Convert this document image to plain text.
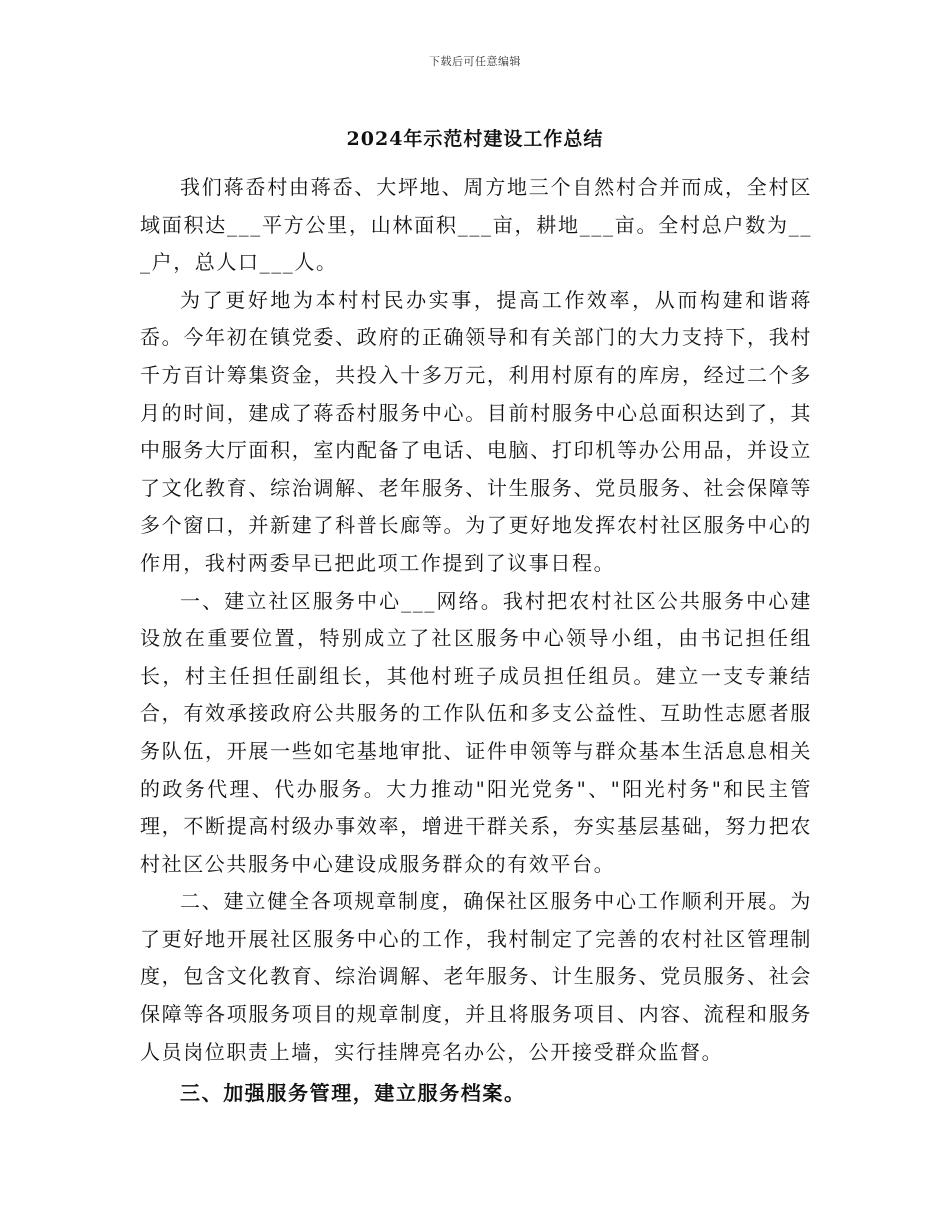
下载后可任意编辑
2024年示范村建设工作总结

我们蒋岙村由蒋岙、大坪地、周方地三个自然村合并而成，全村区域面积达___平方公里，山林面积___亩，耕地___亩。全村总户数为___户，总人口___人。

为了更好地为本村村民办实事，提高工作效率，从而构建和谐蒋岙。今年初在镇党委、政府的正确领导和有关部门的大力支持下，我村千方百计筹集资金，共投入十多万元，利用村原有的库房，经过二个多月的时间，建成了蒋岙村服务中心。目前村服务中心总面积达到了，其中服务大厅面积，室内配备了电话、电脑、打印机等办公用品，并设立了文化教育、综治调解、老年服务、计生服务、党员服务、社会保障等多个窗口，并新建了科普长廊等。为了更好地发挥农村社区服务中心的作用，我村两委早已把此项工作提到了议事日程。

一、建立社区服务中心___网络。我村把农村社区公共服务中心建设放在重要位置，特别成立了社区服务中心领导小组，由书记担任组长，村主任担任副组长，其他村班子成员担任组员。建立一支专兼结合，有效承接政府公共服务的工作队伍和多支公益性、互助性志愿者服务队伍，开展一些如宅基地审批、证件申领等与群众基本生活息息相关的政务代理、代办服务。大力推动"阳光党务"、"阳光村务"和民主管理，不断提高村级办事效率，增进干群关系，夯实基层基础，努力把农村社区公共服务中心建设成服务群众的有效平台。

二、建立健全各项规章制度，确保社区服务中心工作顺利开展。为了更好地开展社区服务中心的工作，我村制定了完善的农村社区管理制度，包含文化教育、综治调解、老年服务、计生服务、党员服务、社会保障等各项服务项目的规章制度，并且将服务项目、内容、流程和服务人员岗位职责上墙，实行挂牌亮名办公，公开接受群众监督。

三、加强服务管理，建立服务档案。
